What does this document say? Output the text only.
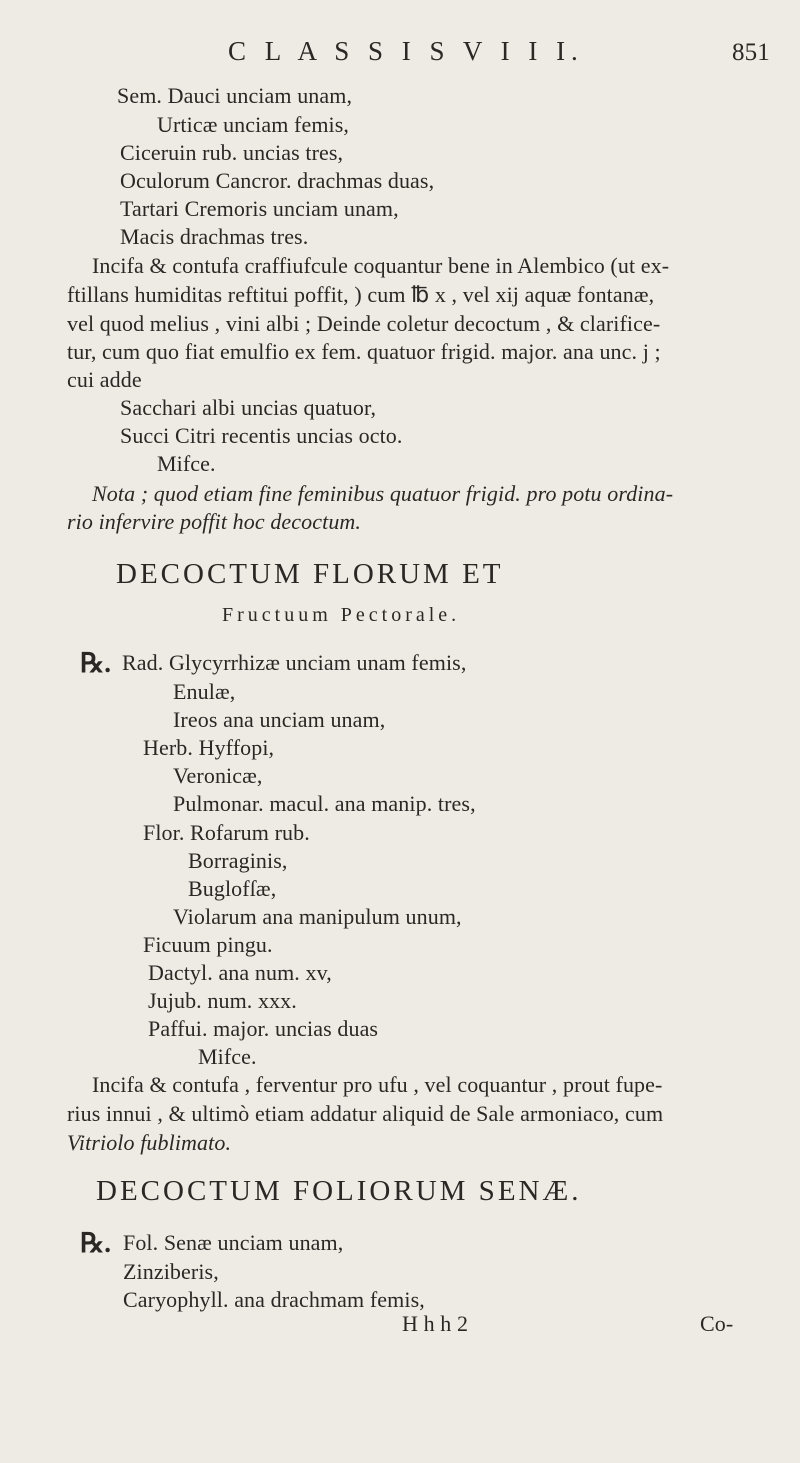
C L A S S I S V I I I.	851
Sem. Dauci unciam unam,
Urticæ unciam femis,
Ciceruin rub. uncias tres,
Oculorum Cancror. drachmas duas,
Tartari Cremoris unciam unam,
Macis drachmas tres.
Incifa & contufa craffiufcule coquantur bene in Alembico (ut ex-
ftillans humiditas reftitui poffit, ) cum ℔ x , vel xij aquæ fontanæ,
vel quod melius , vini albi ; Deinde coletur decoctum , & clarifice-
tur, cum quo fiat emulfio ex fem. quatuor frigid. major. ana unc. j ;
cui adde
Sacchari albi uncias quatuor,
Succi Citri recentis uncias octo.
Mifce.
Nota ; quod etiam fine feminibus quatuor frigid. pro potu ordina-
rio infervire poffit hoc decoctum.
DECOCTUM FLORUM ET
Fructuum Pectorale.
℞. Rad. Glycyrrhizæ unciam unam femis,
Enulæ,
Ireos ana unciam unam,
Herb. Hyffopi,
Veronicæ,
Pulmonar. macul. ana manip. tres,
Flor. Rofarum rub.
Borraginis,
Buglofſæ,
Violarum ana manipulum unum,
Ficuum pingu.
Dactyl. ana num. xv,
Jujub. num. xxx.
Paffui. major. uncias duas
Mifce.
Incifa & contufa , ferventur pro ufu , vel coquantur , prout fupe-
rius innui , & ultimò etiam addatur aliquid de Sale armoniaco, cum
Vitriolo fublimato.
DECOCTUM FOLIORUM SENÆ.
℞. Fol. Senæ unciam unam,
Zinziberis,
Caryophyll. ana drachmam femis,
H h h 2	Co-
